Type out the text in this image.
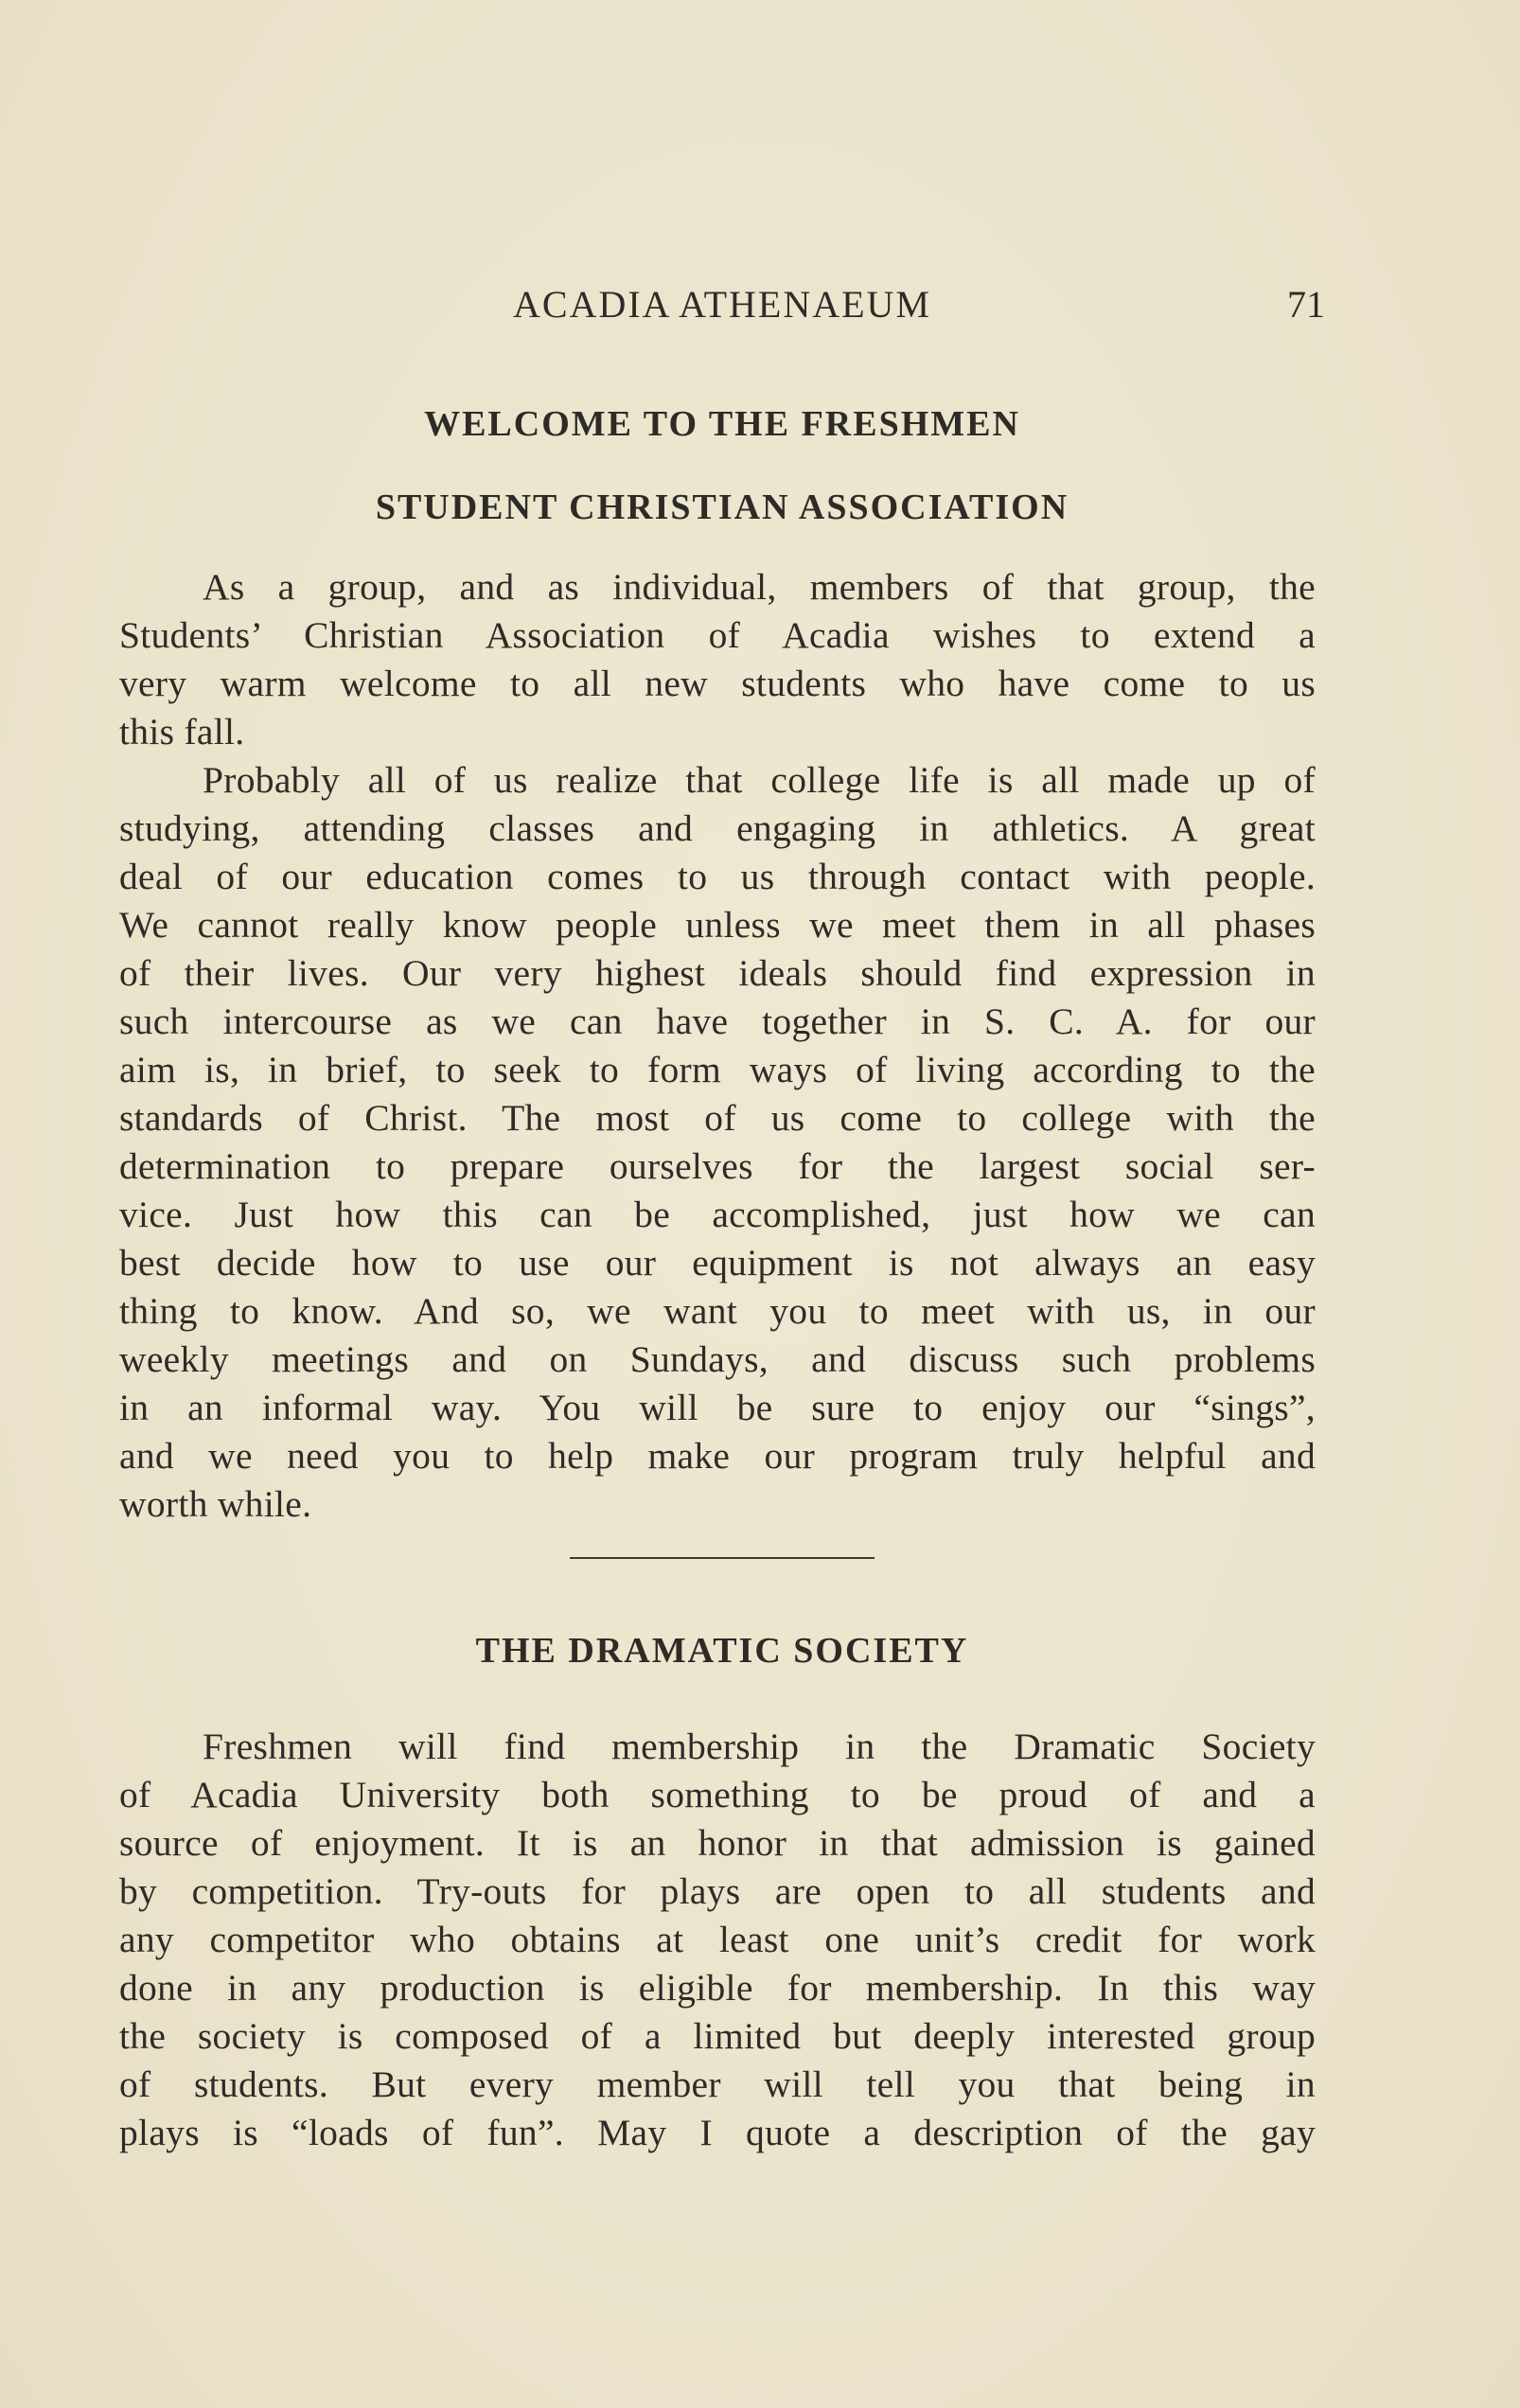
ACADIA ATHENAEUM	71
WELCOME TO THE FRESHMEN
STUDENT CHRISTIAN ASSOCIATION
As a group, and as individual, members of that group, the
Students’ Christian Association of Acadia wishes to extend a
very warm welcome to all new students who have come to us
this fall.
Probably all of us realize that college life is all made up of
studying, attending classes and engaging in athletics. A great
deal of our education comes to us through contact with people.
We cannot really know people unless we meet them in all phases
of their lives. Our very highest ideals should find expression in
such intercourse as we can have together in S. C. A. for our
aim is, in brief, to seek to form ways of living according to the
standards of Christ. The most of us come to college with the
determination to prepare ourselves for the largest social ser-
vice. Just how this can be accomplished, just how we can
best decide how to use our equipment is not always an easy
thing to know. And so, we want you to meet with us, in our
weekly meetings and on Sundays, and discuss such problems
in an informal way. You will be sure to enjoy our “sings”,
and we need you to help make our program truly helpful and
worth while.
THE DRAMATIC SOCIETY
Freshmen will find membership in the Dramatic Society
of Acadia University both something to be proud of and a
source of enjoyment. It is an honor in that admission is gained
by competition. Try-outs for plays are open to all students and
any competitor who obtains at least one unit’s credit for work
done in any production is eligible for membership. In this way
the society is composed of a limited but deeply interested group
of students. But every member will tell you that being in
plays is “loads of fun”. May I quote a description of the gay
